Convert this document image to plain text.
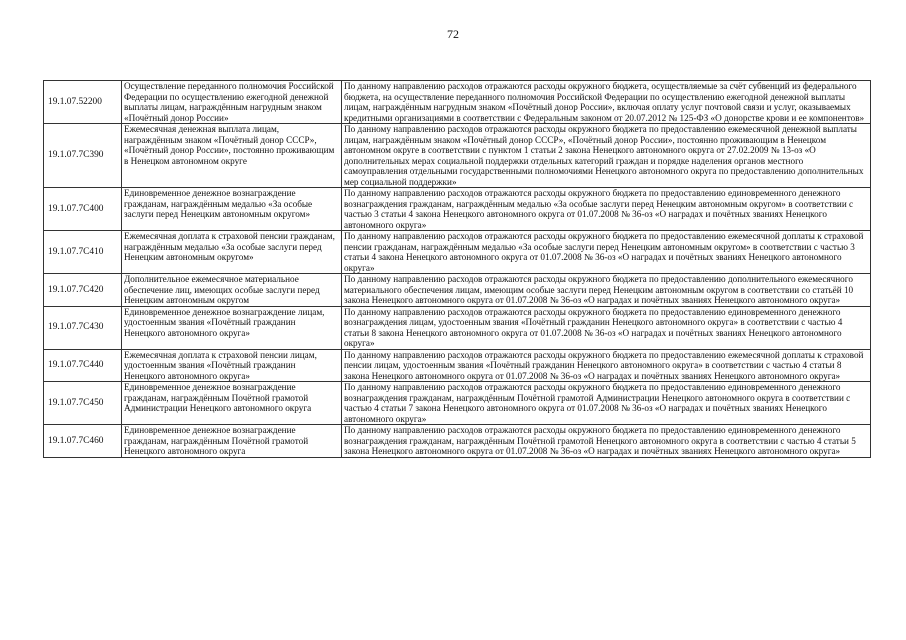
72
19.1.07.52200	Осуществление переданного полномочия Российской Федерации по осуществлению ежегодной денежной выплаты лицам, награждённым нагрудным знаком «Почётный донор России»	По данному направлению расходов отражаются расходы окружного бюджета, осуществляемые за счёт субвенций из федерального бюджета, на осуществление переданного полномочия Российской Федерации по осуществлению ежегодной денежной выплаты лицам, награждённым нагрудным знаком «Почётный донор России», включая оплату услуг почтовой связи и услуг, оказываемых кредитными организациями в соответствии с Федеральным законом от 20.07.2012 № 125-ФЗ «О донорстве крови и ее компонентов»
19.1.07.7С390	Ежемесячная денежная выплата лицам, награждённым знаком «Почётный донор СССР», «Почётный донор России», постоянно проживающим в Ненецком автономном округе	По данному направлению расходов отражаются расходы окружного бюджета по предоставлению ежемесячной денежной выплаты лицам, награждённым знаком «Почётный донор СССР», «Почётный донор России», постоянно проживающим в Ненецком автономном округе в соответствии с пунктом 1 статьи 2 закона Ненецкого автономного округа от 27.02.2009 № 13-оз «О дополнительных мерах социальной поддержки отдельных категорий граждан и порядке наделения органов местного самоуправления отдельными государственными полномочиями Ненецкого автономного округа по предоставлению дополнительных мер социальной поддержки»
19.1.07.7С400	Единовременное денежное вознаграждение гражданам, награждённым медалью «За особые заслуги перед Ненецким автономным округом»	По данному направлению расходов отражаются расходы окружного бюджета по предоставлению единовременного денежного вознаграждения гражданам, награждённым медалью «За особые заслуги перед Ненецким автономным округом» в соответствии с частью 3 статьи 4 закона Ненецкого автономного округа от 01.07.2008 № 36-оз «О наградах и почётных званиях Ненецкого автономного округа»
19.1.07.7С410	Ежемесячная доплата к страховой пенсии гражданам, награждённым медалью «За особые заслуги перед Ненецким автономным округом»	По данному направлению расходов отражаются расходы окружного бюджета по предоставлению ежемесячной доплаты к страховой пенсии гражданам, награждённым медалью «За особые заслуги перед Ненецким автономным округом» в соответствии с частью 3 статьи 4 закона Ненецкого автономного округа от 01.07.2008 № 36-оз «О наградах и почётных званиях Ненецкого автономного округа»
19.1.07.7С420	Дополнительное ежемесячное материальное обеспечение лиц, имеющих особые заслуги перед Ненецким автономным округом	По данному направлению расходов отражаются расходы окружного бюджета по предоставлению дополнительного ежемесячного материального обеспечения лицам, имеющим особые заслуги перед Ненецким автономным округом в соответствии со статьёй 10 закона Ненецкого автономного округа от 01.07.2008 № 36-оз «О наградах и почётных званиях Ненецкого автономного округа»
19.1.07.7С430	Единовременное денежное вознаграждение лицам, удостоенным звания «Почётный гражданин Ненецкого автономного округа»	По данному направлению расходов отражаются расходы окружного бюджета по предоставлению единовременного денежного вознаграждения лицам, удостоенным звания «Почётный гражданин Ненецкого автономного округа» в соответствии с частью 4 статьи 8 закона Ненецкого автономного округа от 01.07.2008 № 36-оз «О наградах и почётных званиях Ненецкого автономного округа»
19.1.07.7С440	Ежемесячная доплата к страховой пенсии лицам, удостоенным звания «Почётный гражданин Ненецкого автономного округа»	По данному направлению расходов отражаются расходы окружного бюджета по предоставлению ежемесячной доплаты к страховой пенсии лицам, удостоенным звания «Почётный гражданин Ненецкого автономного округа» в соответствии с частью 4 статьи 8 закона Ненецкого автономного округа от 01.07.2008 № 36-оз «О наградах и почётных званиях Ненецкого автономного округа»
19.1.07.7С450	Единовременное денежное вознаграждение гражданам, награждённым Почётной грамотой Администрации Ненецкого автономного округа	По данному направлению расходов отражаются расходы окружного бюджета по предоставлению единовременного денежного вознаграждения гражданам, награждённым Почётной грамотой Администрации Ненецкого автономного округа в соответствии с частью 4 статьи 7 закона Ненецкого автономного округа от 01.07.2008 № 36-оз «О наградах и почётных званиях Ненецкого автономного округа»
19.1.07.7С460	Единовременное денежное вознаграждение гражданам, награждённым Почётной грамотой Ненецкого автономного округа	По данному направлению расходов отражаются расходы окружного бюджета по предоставлению единовременного денежного вознаграждения гражданам, награждённым Почётной грамотой Ненецкого автономного округа в соответствии с частью 4 статьи 5 закона Ненецкого автономного округа от 01.07.2008 № 36-оз «О наградах и почётных званиях Ненецкого автономного округа»
